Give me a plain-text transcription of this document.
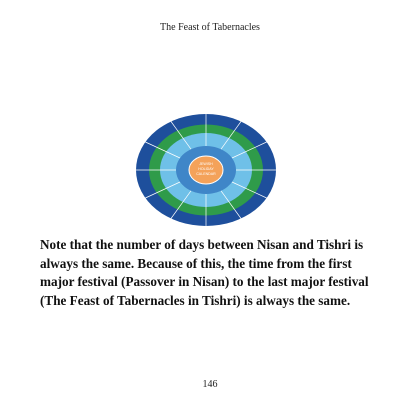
The Feast of Tabernacles
JEWISH
HOLIDAY
CALENDAR

Note that the number of days between Nisan and Tishri is always the same. Because of this, the time from the first major festival (Passover in Nisan) to the last major festival (The Feast of Tabernacles in Tishri) is always the same.

146
